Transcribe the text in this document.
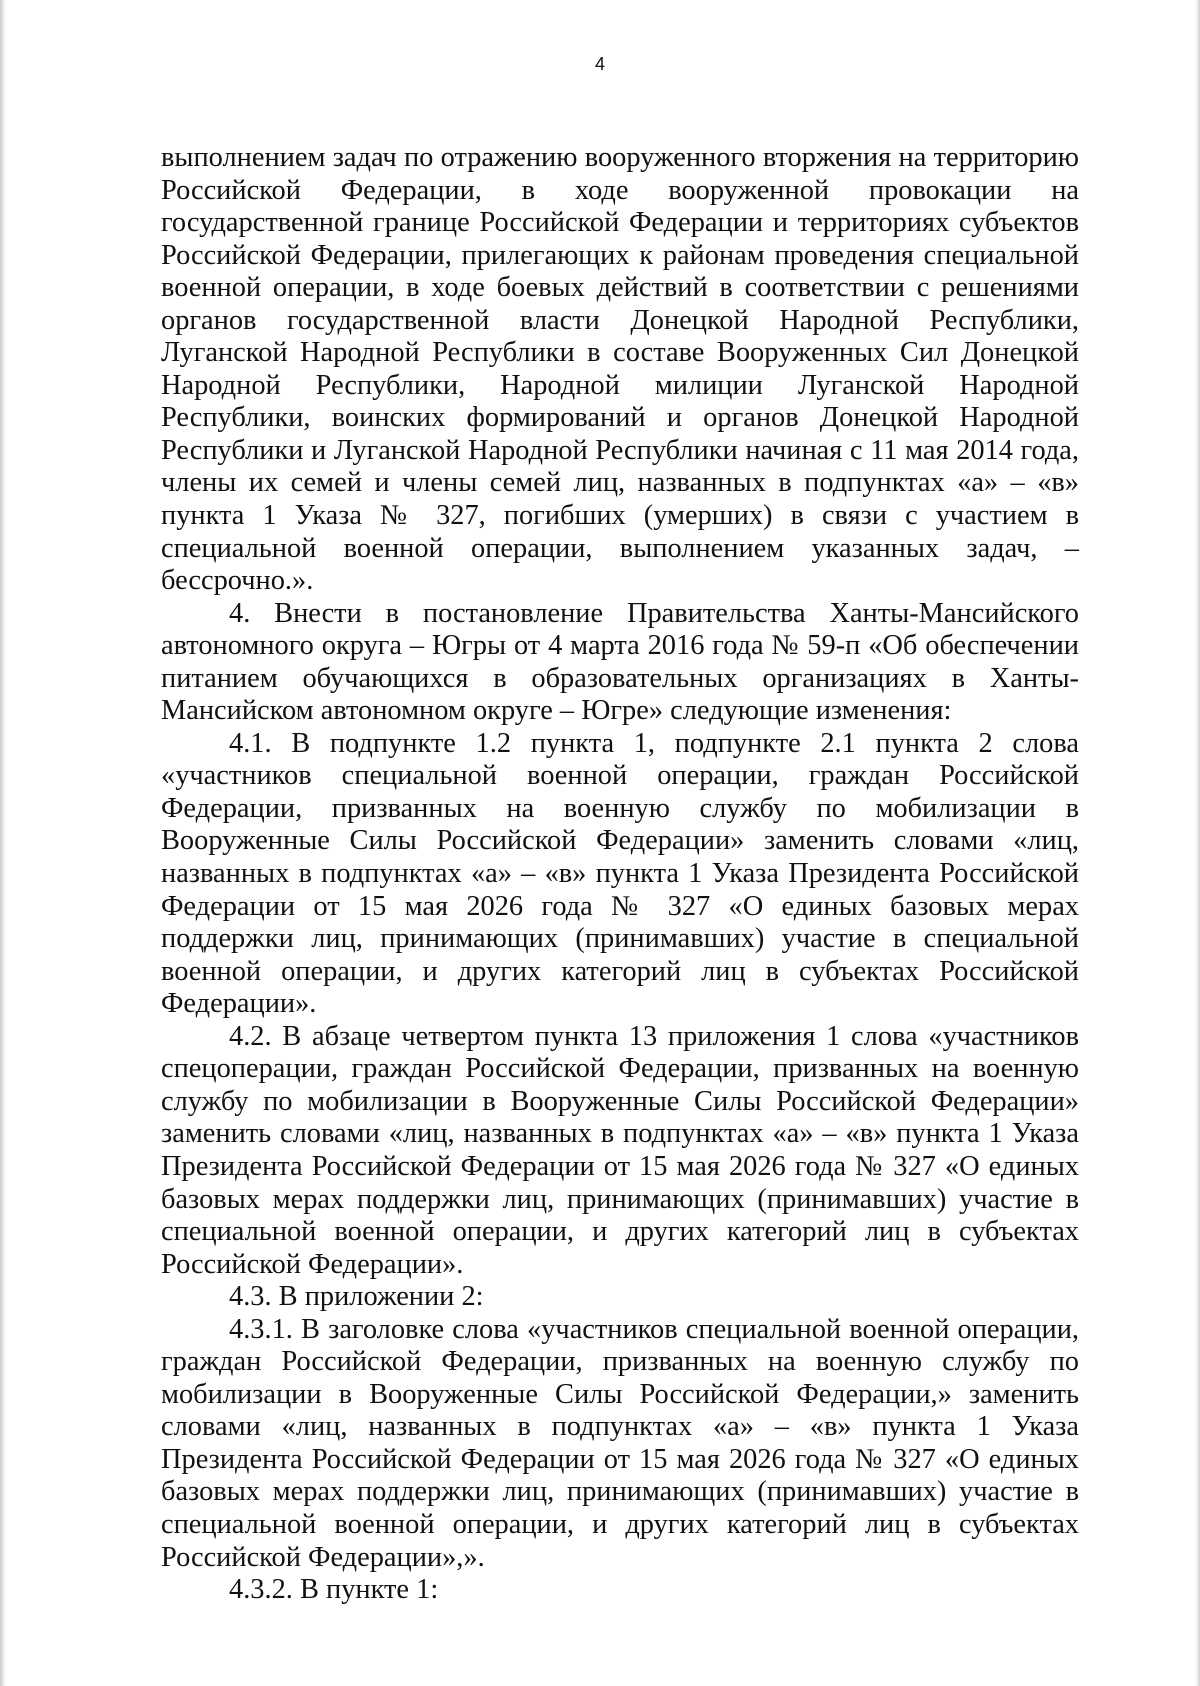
4

выполнением задач по отражению вооруженного вторжения на территорию Российской Федерации, в ходе вооруженной провокации на государственной границе Российской Федерации и территориях субъектов Российской Федерации, прилегающих к районам проведения специальной военной операции, в ходе боевых действий в соответствии с решениями органов государственной власти Донецкой Народной Республики, Луганской Народной Республики в составе Вооруженных Сил Донецкой Народной Республики, Народной милиции Луганской Народной Республики, воинских формирований и органов Донецкой Народной Республики и Луганской Народной Республики начиная с 11 мая 2014 года, члены их семей и члены семей лиц, названных в подпунктах «а» – «в» пункта 1 Указа № 327, погибших (умерших) в связи с участием в специальной военной операции, выполнением указанных задач, – бессрочно.».

4. Внести в постановление Правительства Ханты-Мансийского автономного округа – Югры от 4 марта 2016 года № 59-п «Об обеспечении питанием обучающихся в образовательных организациях в Ханты-Мансийском автономном округе – Югре» следующие изменения:

4.1. В подпункте 1.2 пункта 1, подпункте 2.1 пункта 2 слова «участников специальной военной операции, граждан Российской Федерации, призванных на военную службу по мобилизации в Вооруженные Силы Российской Федерации» заменить словами «лиц, названных в подпунктах «а» – «в» пункта 1 Указа Президента Российской Федерации от 15 мая 2026 года № 327 «О единых базовых мерах поддержки лиц, принимающих (принимавших) участие в специальной военной операции, и других категорий лиц в субъектах Российской Федерации».

4.2. В абзаце четвертом пункта 13 приложения 1 слова «участников спецоперации, граждан Российской Федерации, призванных на военную службу по мобилизации в Вооруженные Силы Российской Федерации» заменить словами «лиц, названных в подпунктах «а» – «в» пункта 1 Указа Президента Российской Федерации от 15 мая 2026 года № 327 «О единых базовых мерах поддержки лиц, принимающих (принимавших) участие в специальной военной операции, и других категорий лиц в субъектах Российской Федерации».

4.3. В приложении 2:

4.3.1. В заголовке слова «участников специальной военной операции, граждан Российской Федерации, призванных на военную службу по мобилизации в Вооруженные Силы Российской Федерации,» заменить словами «лиц, названных в подпунктах «а» – «в» пункта 1 Указа Президента Российской Федерации от 15 мая 2026 года № 327 «О единых базовых мерах поддержки лиц, принимающих (принимавших) участие в специальной военной операции, и других категорий лиц в субъектах Российской Федерации»,».

4.3.2. В пункте 1:
